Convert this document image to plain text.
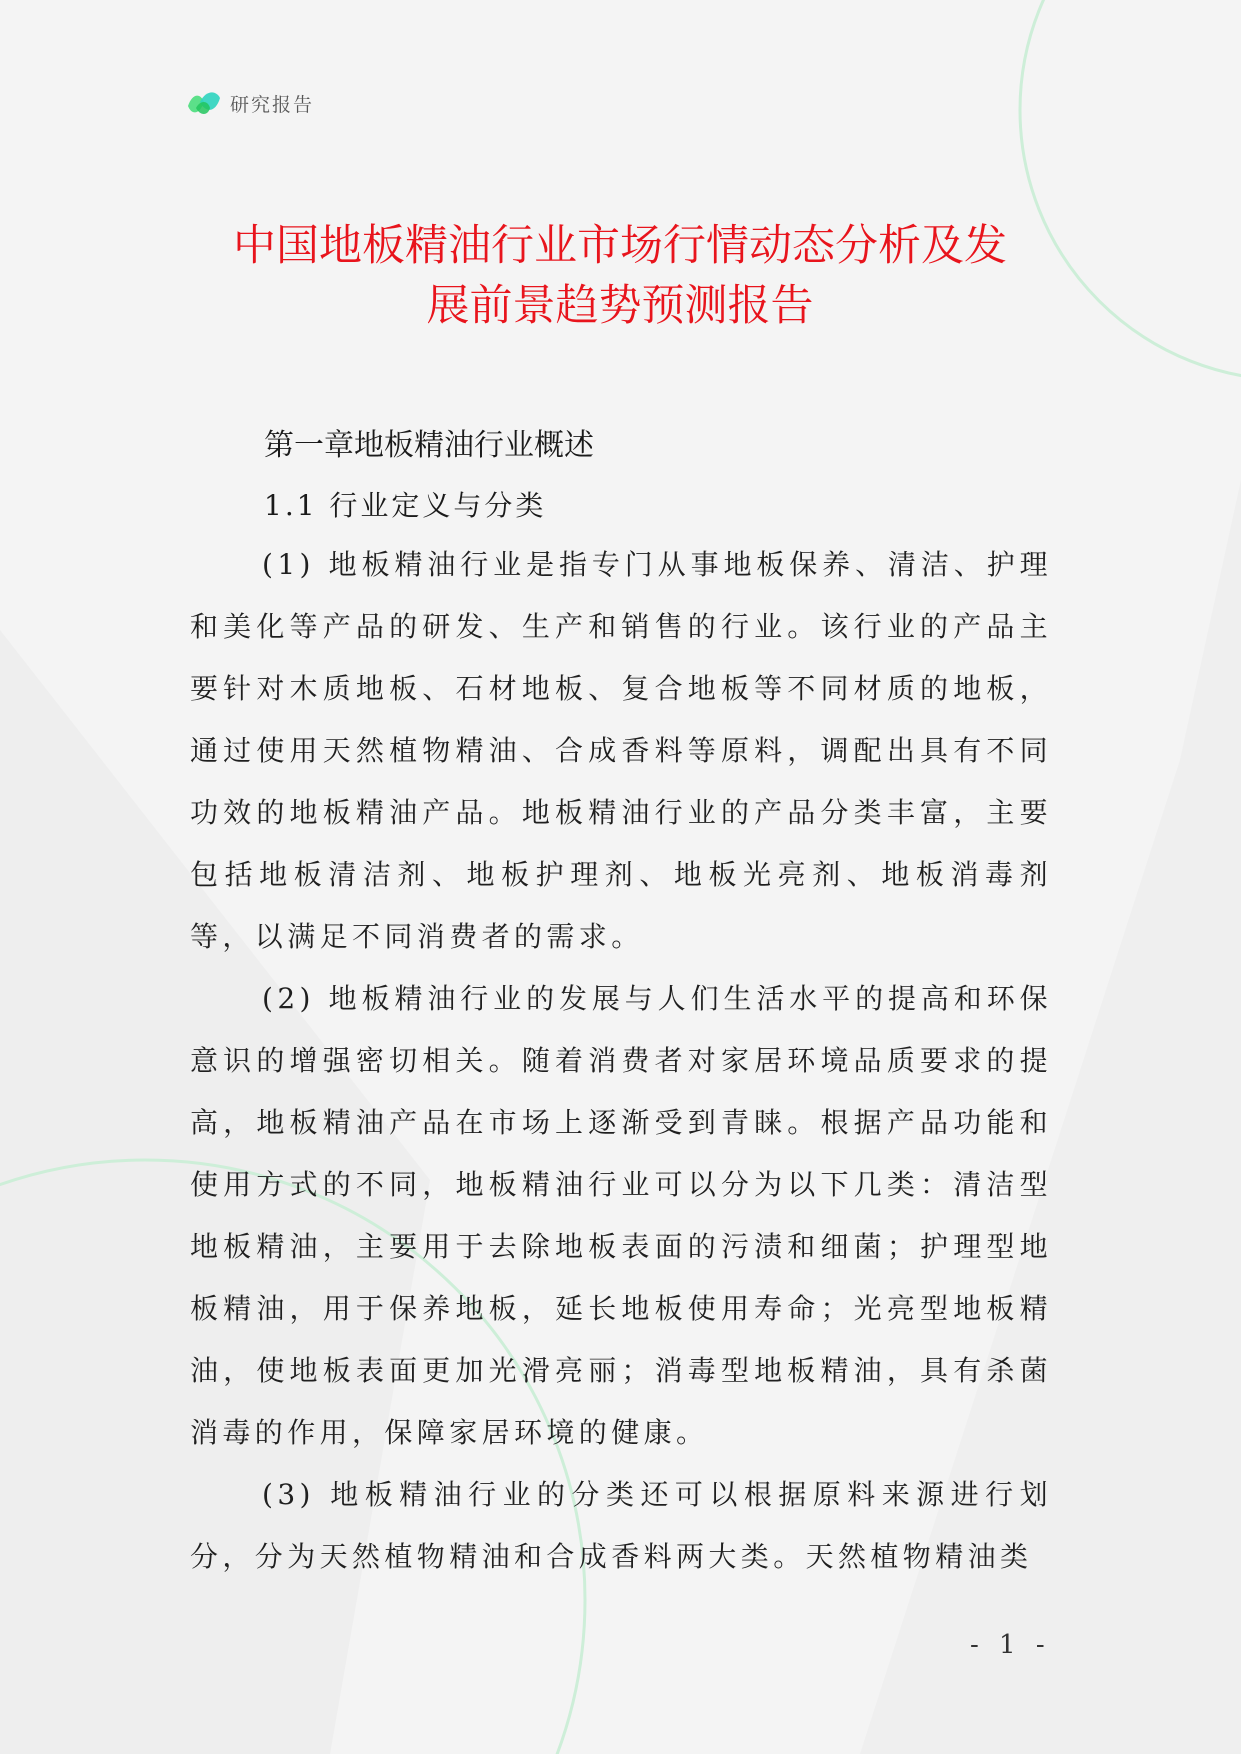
研究报告
中国地板精油行业市场行情动态分析及发
展前景趋势预测报告
第一章地板精油行业概述
1.1 行业定义与分类

(1) 地板精油行业是指专门从事地板保养、清洁、护理和美化等产品的研发、生产和销售的行业。该行业的产品主要针对木质地板、石材地板、复合地板等不同材质的地板，通过使用天然植物精油、合成香料等原料，调配出具有不同功效的地板精油产品。地板精油行业的产品分类丰富，主要包括地板清洁剂、地板护理剂、地板光亮剂、地板消毒剂等，以满足不同消费者的需求。

(2) 地板精油行业的发展与人们生活水平的提高和环保意识的增强密切相关。随着消费者对家居环境品质要求的提高，地板精油产品在市场上逐渐受到青睐。根据产品功能和使用方式的不同，地板精油行业可以分为以下几类：清洁型地板精油，主要用于去除地板表面的污渍和细菌；护理型地板精油，用于保养地板，延长地板使用寿命；光亮型地板精油，使地板表面更加光滑亮丽；消毒型地板精油，具有杀菌消毒的作用，保障家居环境的健康。

(3) 地板精油行业的分类还可以根据原料来源进行划分，分为天然植物精油和合成香料两大类。天然植物精油类

- 1 -
